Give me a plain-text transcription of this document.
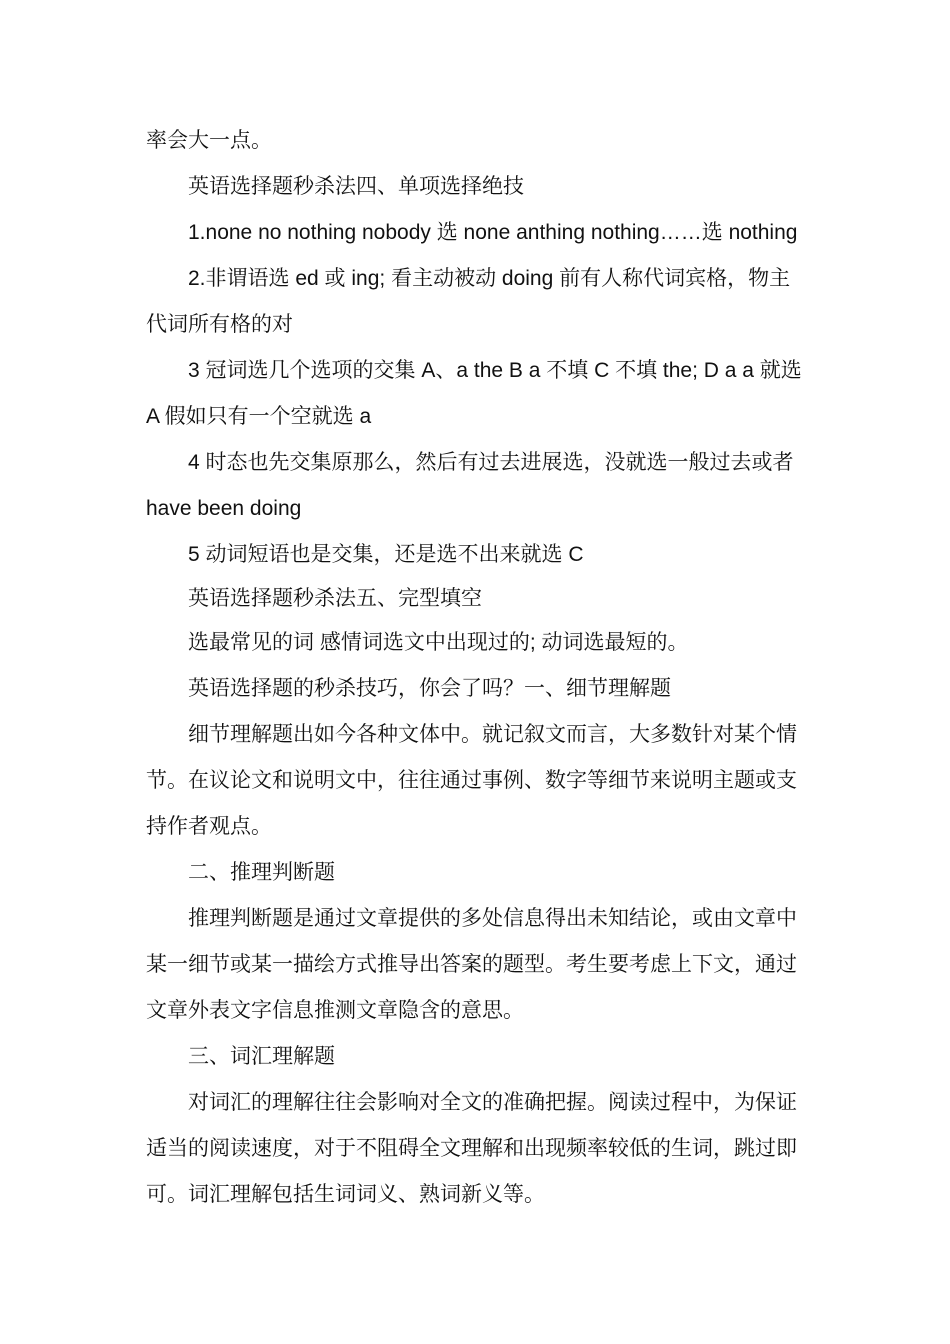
率会大一点。

英语选择题秒杀法四、单项选择绝技

1.none no nothing nobody 选 none anthing nothing……选 nothing

2.非谓语选 ed 或 ing; 看主动被动 doing 前有人称代词宾格，物主代词所有格的对

3 冠词选几个选项的交集 A、a the B a 不填 C 不填 the; D a a 就选 A 假如只有一个空就选 a

4 时态也先交集原那么，然后有过去进展选，没就选一般过去或者 have been doing

5 动词短语也是交集，还是选不出来就选 C

英语选择题秒杀法五、完型填空

选最常见的词 感情词选文中出现过的; 动词选最短的。

英语选择题的秒杀技巧，你会了吗？一、细节理解题

细节理解题出如今各种文体中。就记叙文而言，大多数针对某个情节。在议论文和说明文中，往往通过事例、数字等细节来说明主题或支持作者观点。

二、推理判断题

推理判断题是通过文章提供的多处信息得出未知结论，或由文章中某一细节或某一描绘方式推导出答案的题型。考生要考虑上下文，通过文章外表文字信息推测文章隐含的意思。

三、词汇理解题

对词汇的理解往往会影响对全文的准确把握。阅读过程中，为保证适当的阅读速度，对于不阻碍全文理解和出现频率较低的生词，跳过即可。词汇理解包括生词词义、熟词新义等。
